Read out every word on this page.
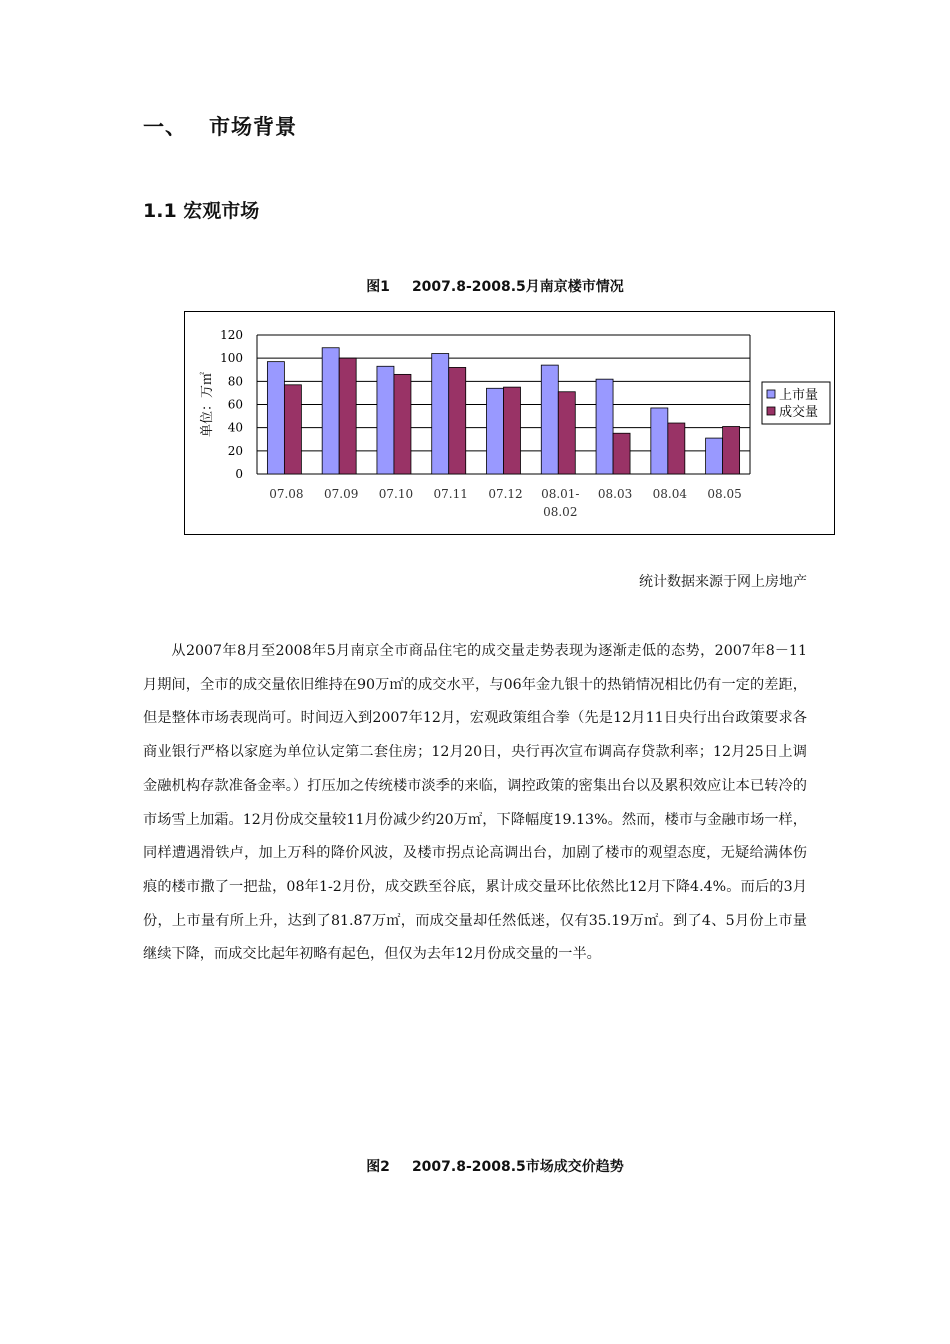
一、 市场背景
1.1 宏观市场
图1 2007.8-2008.5月南京楼市情况
0
20
40
60
80
100
120
单位：万㎡
07.08 07.09 07.10 07.11 07.12 08.01-
08.02
08.03 08.04 08.05
上市量
成交量
统计数据来源于网上房地产
从2007年8月至2008年5月南京全市商品住宅的成交量走势表现为逐渐走低的态势，2007年8－11月期间，全市的成交量依旧维持在90万㎡的成交水平，与06年金九银十的热销情况相比仍有一定的差距，但是整体市场表现尚可。时间迈入到2007年12月，宏观政策组合拳（先是12月11日央行出台政策要求各商业银行严格以家庭为单位认定第二套住房；12月20日，央行再次宣布调高存贷款利率；12月25日上调金融机构存款准备金率。）打压加之传统楼市淡季的来临，调控政策的密集出台以及累积效应让本已转冷的市场雪上加霜。12月份成交量较11月份减少约20万㎡，下降幅度19.13%。然而，楼市与金融市场一样，同样遭遇滑铁卢，加上万科的降价风波，及楼市拐点论高调出台，加剧了楼市的观望态度，无疑给满体伤痕的楼市撒了一把盐，08年1-2月份，成交跌至谷底，累计成交量环比依然比12月下降4.4%。而后的3月份，上市量有所上升，达到了81.87万㎡，而成交量却任然低迷，仅有35.19万㎡。到了4、5月份上市量继续下降，而成交比起年初略有起色，但仅为去年12月份成交量的一半。
图2 2007.8-2008.5市场成交价趋势
